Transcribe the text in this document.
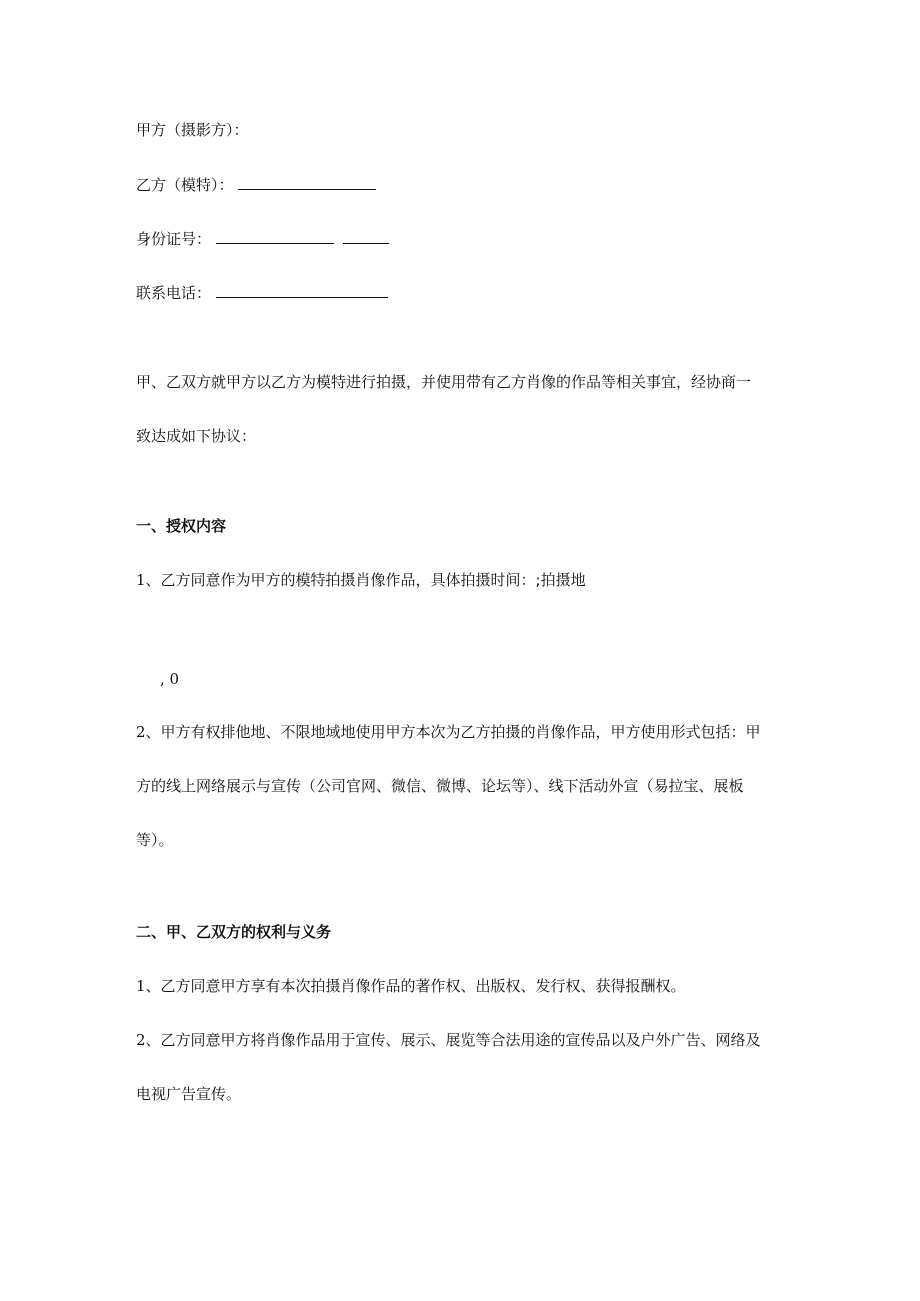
甲方（摄影方）：
乙方（模特）：
身份证号：
联系电话：
甲、乙双方就甲方以乙方为模特进行拍摄，并使用带有乙方肖像的作品等相关事宜，经协商一
致达成如下协议：
一、授权内容
1、乙方同意作为甲方的模特拍摄肖像作品，具体拍摄时间：;拍摄地
, 0
2、甲方有权排他地、不限地域地使用甲方本次为乙方拍摄的肖像作品，甲方使用形式包括：甲
方的线上网络展示与宣传（公司官网、微信、微博、论坛等）、线下活动外宣（易拉宝、展板
等）。
二、甲、乙双方的权利与义务
1、乙方同意甲方享有本次拍摄肖像作品的著作权、出版权、发行权、获得报酬权。
2、乙方同意甲方将肖像作品用于宣传、展示、展览等合法用途的宣传品以及户外广告、网络及
电视广告宣传。
